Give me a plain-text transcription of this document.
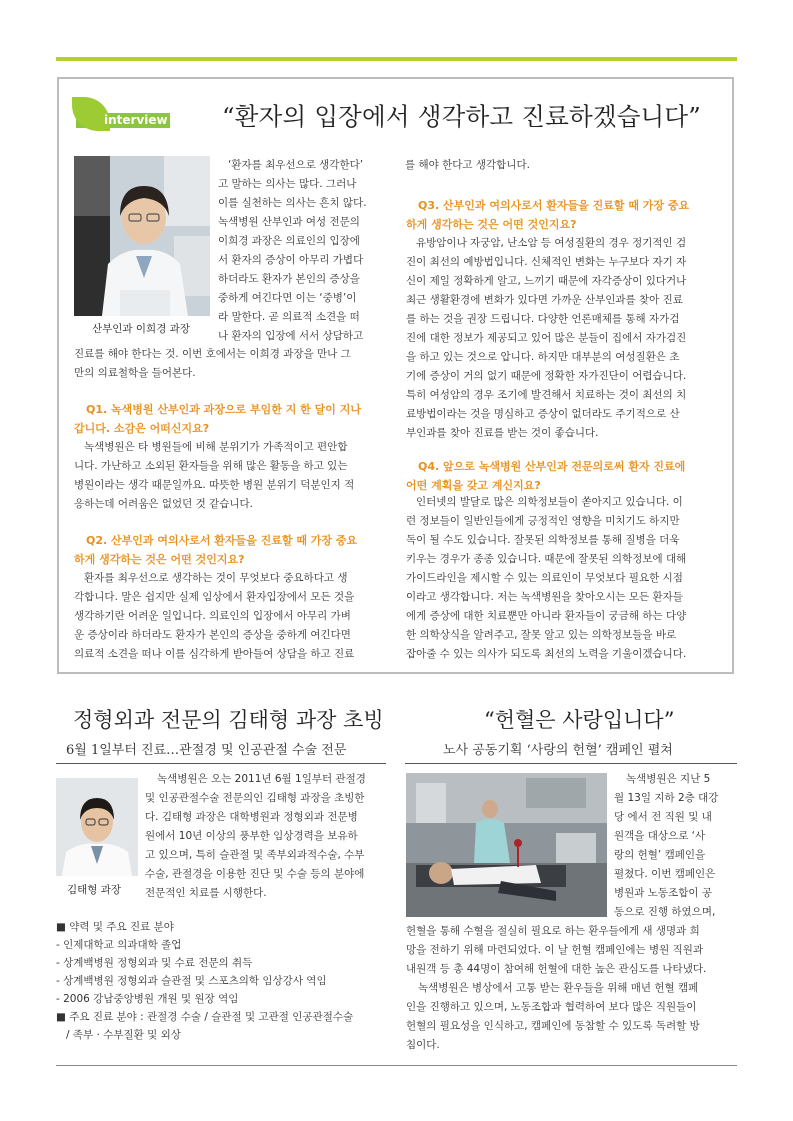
interview “환자의 입장에서 생각하고 진료하겠습니다”
산부인과 이희경 과장
‘환자를 최우선으로 생각한다’
고 말하는 의사는 많다. 그러나
이를 실천하는 의사는 흔치 않다.
녹색병원 산부인과 여성 전문의
이희경 과장은 의료인의 입장에
서 환자의 증상이 아무리 가볍다
하더라도 환자가 본인의 증상을
중하게 여긴다면 이는 ‘중병’이
라 말한다. 곧 의료적 소견을 떠
나 환자의 입장에 서서 상담하고
진료를 해야 한다는 것. 이번 호에서는 이희경 과장을 만나 그
만의 의료철학을 들어본다.
Q1. 녹색병원 산부인과 과장으로 부임한 지 한 달이 지나
갑니다. 소감은 어떠신지요?
녹색병원은 타 병원들에 비해 분위기가 가족적이고 편안합
니다. 가난하고 소외된 환자들을 위해 많은 활동을 하고 있는
병원이라는 생각 때문일까요. 따뜻한 병원 분위기 덕분인지 적
응하는데 어려움은 없었던 것 같습니다.
Q2. 산부인과 여의사로서 환자들을 진료할 때 가장 중요
하게 생각하는 것은 어떤 것인지요?
환자를 최우선으로 생각하는 것이 무엇보다 중요하다고 생
각합니다. 말은 쉽지만 실제 임상에서 환자입장에서 모든 것을
생각하기란 어려운 일입니다. 의료인의 입장에서 아무리 가벼
운 증상이라 하더라도 환자가 본인의 증상을 중하게 여긴다면
의료적 소견을 떠나 이를 심각하게 받아들여 상담을 하고 진료
를 해야 한다고 생각합니다.
Q3. 산부인과 여의사로서 환자들을 진료할 때 가장 중요
하게 생각하는 것은 어떤 것인지요?
유방암이나 자궁암, 난소암 등 여성질환의 경우 정기적인 검
진이 최선의 예방법입니다. 신체적인 변화는 누구보다 자기 자
신이 제일 정확하게 알고, 느끼기 때문에 자각증상이 있다거나
최근 생활환경에 변화가 있다면 가까운 산부인과를 찾아 진료
를 하는 것을 권장 드립니다. 다양한 언론매체를 통해 자가검
진에 대한 정보가 제공되고 있어 많은 분들이 집에서 자가검진
을 하고 있는 것으로 압니다. 하지만 대부분의 여성질환은 초
기에 증상이 거의 없기 때문에 정확한 자가진단이 어렵습니다.
특히 여성암의 경우 조기에 발견해서 치료하는 것이 최선의 치
료방법이라는 것을 명심하고 증상이 없더라도 주기적으로 산
부인과를 찾아 진료를 받는 것이 좋습니다.
Q4. 앞으로 녹색병원 산부인과 전문의로써 환자 진료에
어떤 계획을 갖고 계신지요?
인터넷의 발달로 많은 의학정보들이 쏟아지고 있습니다. 이
런 정보들이 일반인들에게 긍정적인 영향을 미치기도 하지만
독이 될 수도 있습니다. 잘못된 의학정보를 통해 질병을 더욱
키우는 경우가 종종 있습니다. 때문에 잘못된 의학정보에 대해
가이드라인을 제시할 수 있는 의료인이 무엇보다 필요한 시점
이라고 생각합니다. 저는 녹색병원을 찾아오시는 모든 환자들
에게 증상에 대한 치료뿐만 아니라 환자들이 궁금해 하는 다양
한 의학상식을 알려주고, 잘못 알고 있는 의학정보들을 바로
잡아줄 수 있는 의사가 되도록 최선의 노력을 기울이겠습니다.
정형외과 전문의 김태형 과장 초빙
6월 1일부터 진료…관절경 및 인공관절 수술 전문
김태형 과장
녹색병원은 오는 2011년 6월 1일부터 관절경
및 인공관절수술 전문의인 김태형 과장을 초빙한
다. 김태형 과장은 대학병원과 정형외과 전문병
원에서 10년 이상의 풍부한 임상경력을 보유하
고 있으며, 특히 슬관절 및 족부외과적수술, 수부
수술, 관절경을 이용한 진단 및 수술 등의 분야에
전문적인 치료를 시행한다.
■ 약력 및 주요 진료 분야
- 인제대학교 의과대학 졸업
- 상계백병원 정형외과 및 수료 전문의 취득
- 상계백병원 정형외과 슬관절 및 스포츠의학 임상강사 역임
- 2006 강남중앙병원 개원 및 원장 역임
■ 주요 진료 분야 : 관절경 수술 / 슬관절 및 고관절 인공관절수술
/ 족부 · 수부질환 및 외상
“헌혈은 사랑입니다”
노사 공동기획 ‘사랑의 헌혈’ 캠페인 펼쳐
녹색병원은 지난 5
월 13일 지하 2층 대강
당 에서 전 직원 및 내
원객을 대상으로 ‘사
랑의 헌혈’ 캠페인을
펼쳤다. 이번 캠페인은
병원과 노동조합이 공
동으로 진행 하였으며,
헌혈을 통해 수혈을 절실히 필요로 하는 환우들에게 새 생명과 희
망을 전하기 위해 마련되었다. 이 날 헌혈 캠페인에는 병원 직원과
내원객 등 총 44명이 참여해 헌혈에 대한 높은 관심도를 나타냈다.
녹색병원은 병상에서 고통 받는 환우들을 위해 매년 헌혈 캠페
인을 진행하고 있으며, 노동조합과 협력하여 보다 많은 직원들이
헌혈의 필요성을 인식하고, 캠페인에 동참할 수 있도록 독려할 방
침이다.
